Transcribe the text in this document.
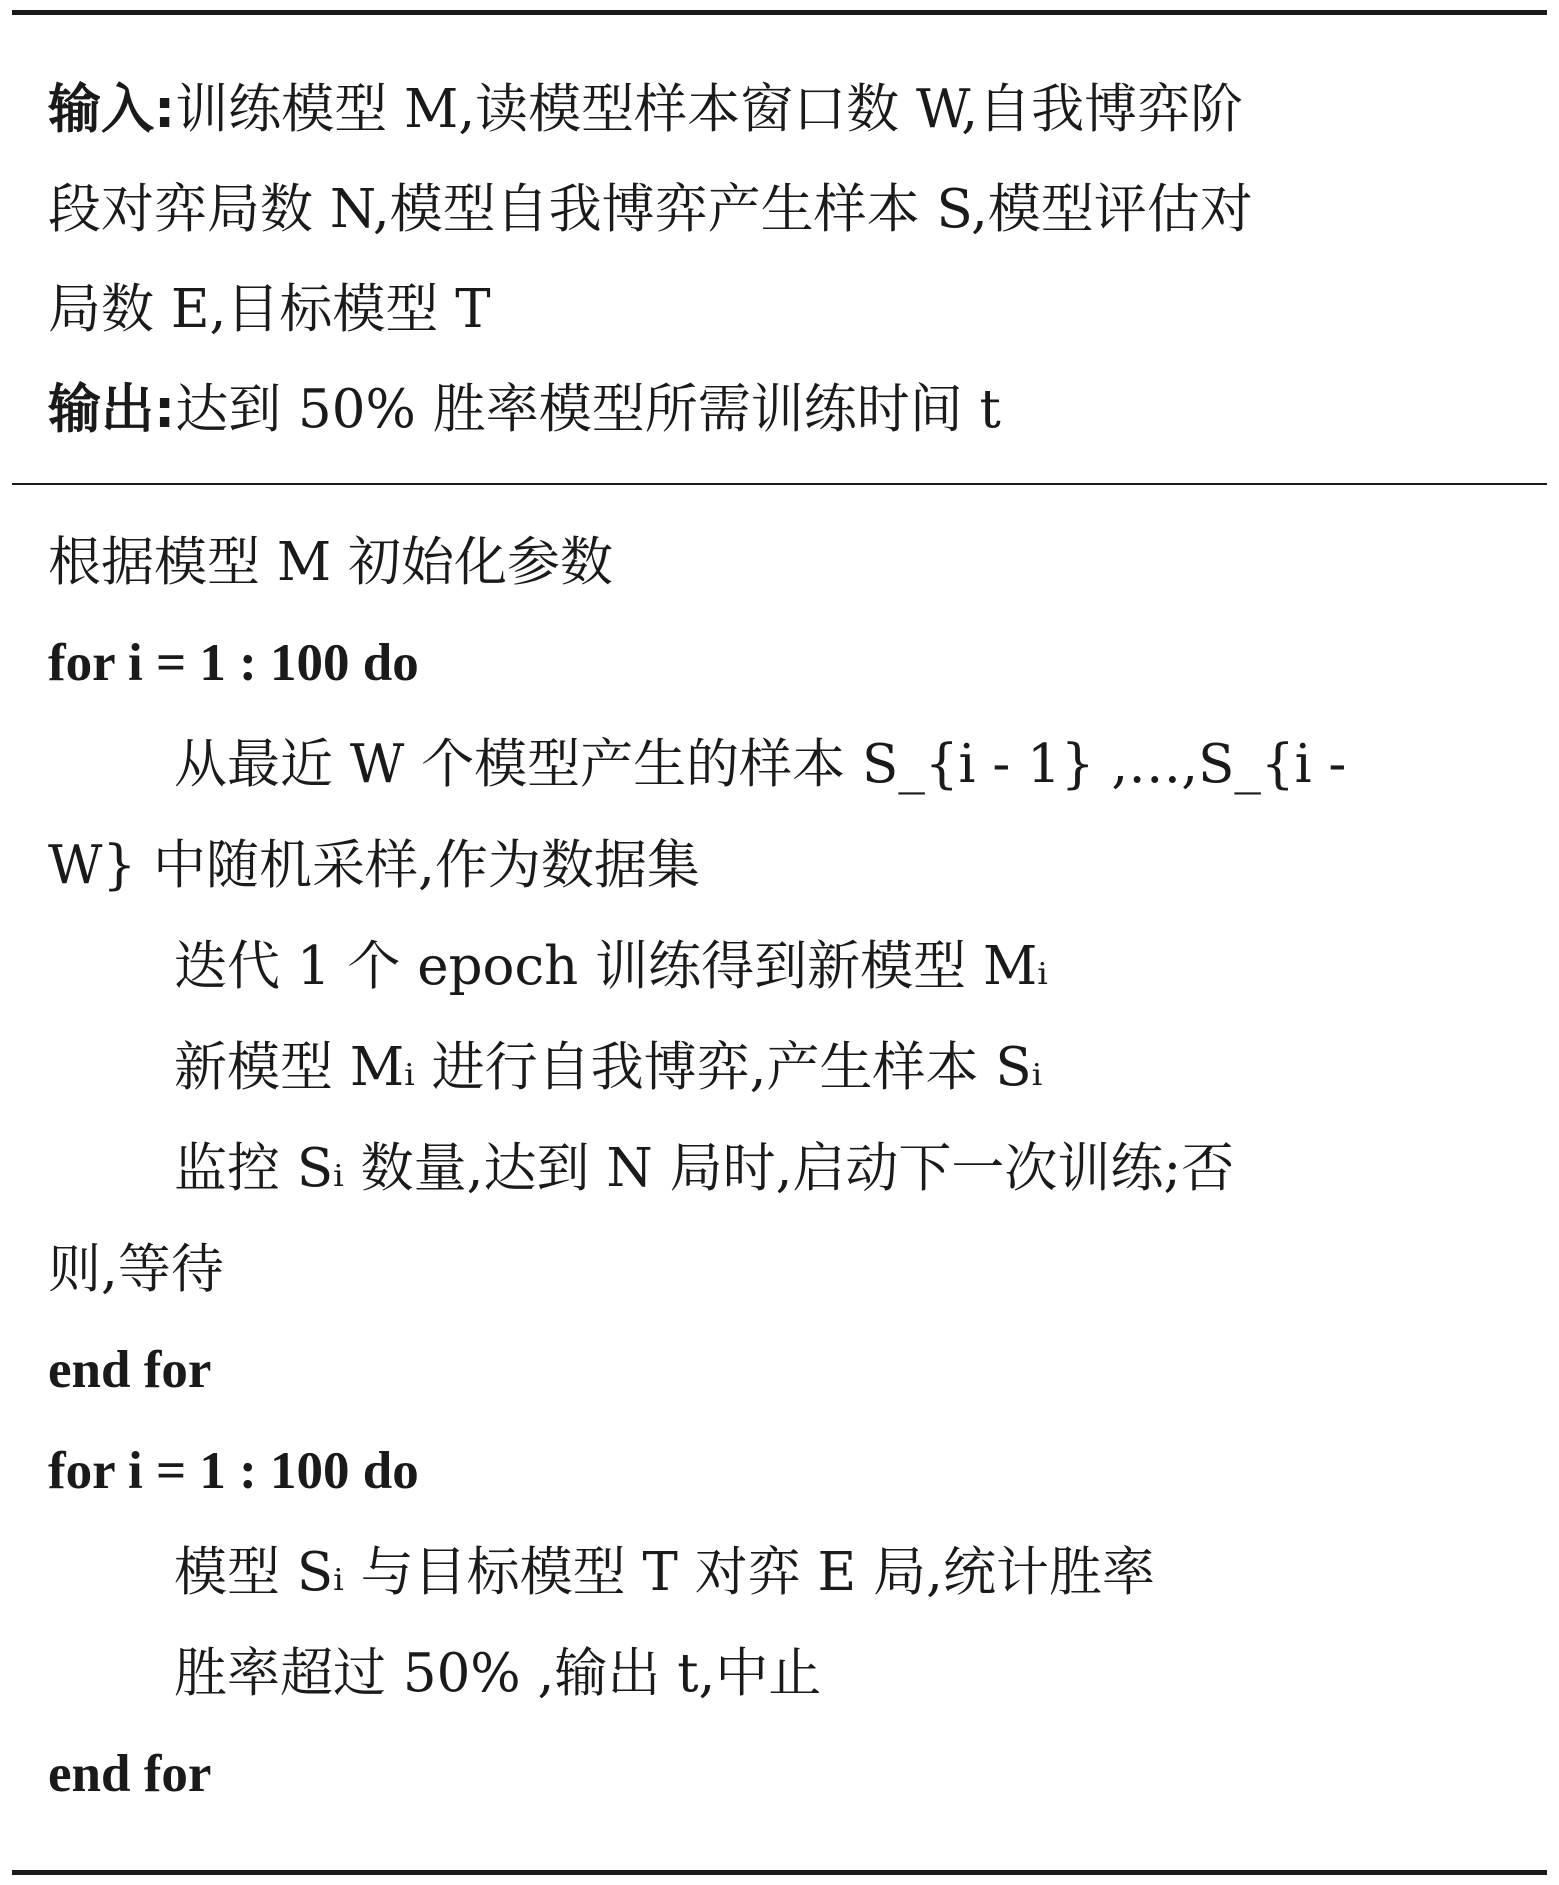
输入:训练模型 M,读模型样本窗口数 W,自我博弈阶
段对弈局数 N,模型自我博弈产生样本 S,模型评估对
局数 E,目标模型 T
输出:达到 50% 胜率模型所需训练时间 t
根据模型 M 初始化参数
for i = 1 : 100 do
从最近 W 个模型产生的样本 S_{i - 1} ,…,S_{i -
W} 中随机采样,作为数据集
迭代 1 个 epoch 训练得到新模型 Mᵢ
新模型 Mᵢ 进行自我博弈,产生样本 Sᵢ
监控 Sᵢ 数量,达到 N 局时,启动下一次训练;否
则,等待
end for
for i = 1 : 100 do
模型 Sᵢ 与目标模型 T 对弈 E 局,统计胜率
胜率超过 50% ,输出 t,中止
end for
